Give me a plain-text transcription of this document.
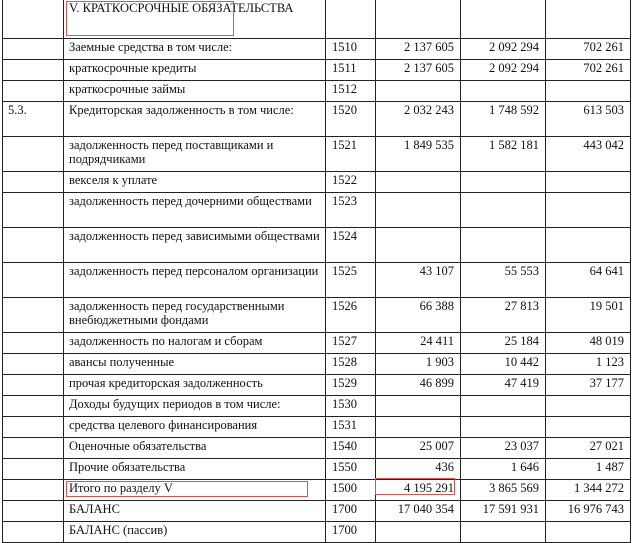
	V. КРАТКОСРОЧНЫЕ ОБЯЗАТЕЛЬСТВА				
	Заемные средства в том числе:	1510	2 137 605	2 092 294	702 261
	краткосрочные кредиты	1511	2 137 605	2 092 294	702 261
	краткосрочные займы	1512			
5.3.	Кредиторская задолженность в том числе:	1520	2 032 243	1 748 592	613 503
	задолженность перед поставщиками и подрядчиками	1521	1 849 535	1 582 181	443 042
	векселя к уплате	1522			
	задолженность перед дочерними обществами	1523			
	задолженность перед зависимыми обществами	1524			
	задолженность перед персоналом организации	1525	43 107	55 553	64 641
	задолженность перед государственными внебюджетными фондами	1526	66 388	27 813	19 501
	задолженность по налогам и сборам	1527	24 411	25 184	48 019
	авансы полученные	1528	1 903	10 442	1 123
	прочая кредиторская задолженность	1529	46 899	47 419	37 177
	Доходы будущих периодов в том числе:	1530			
	средства целевого финансирования	1531			
	Оценочные обязательства	1540	25 007	23 037	27 021
	Прочие обязательства	1550	436	1 646	1 487
	Итого по разделу V	1500	4 195 291	3 865 569	1 344 272
	БАЛАНС	1700	17 040 354	17 591 931	16 976 743
	БАЛАНС (пассив)	1700			
